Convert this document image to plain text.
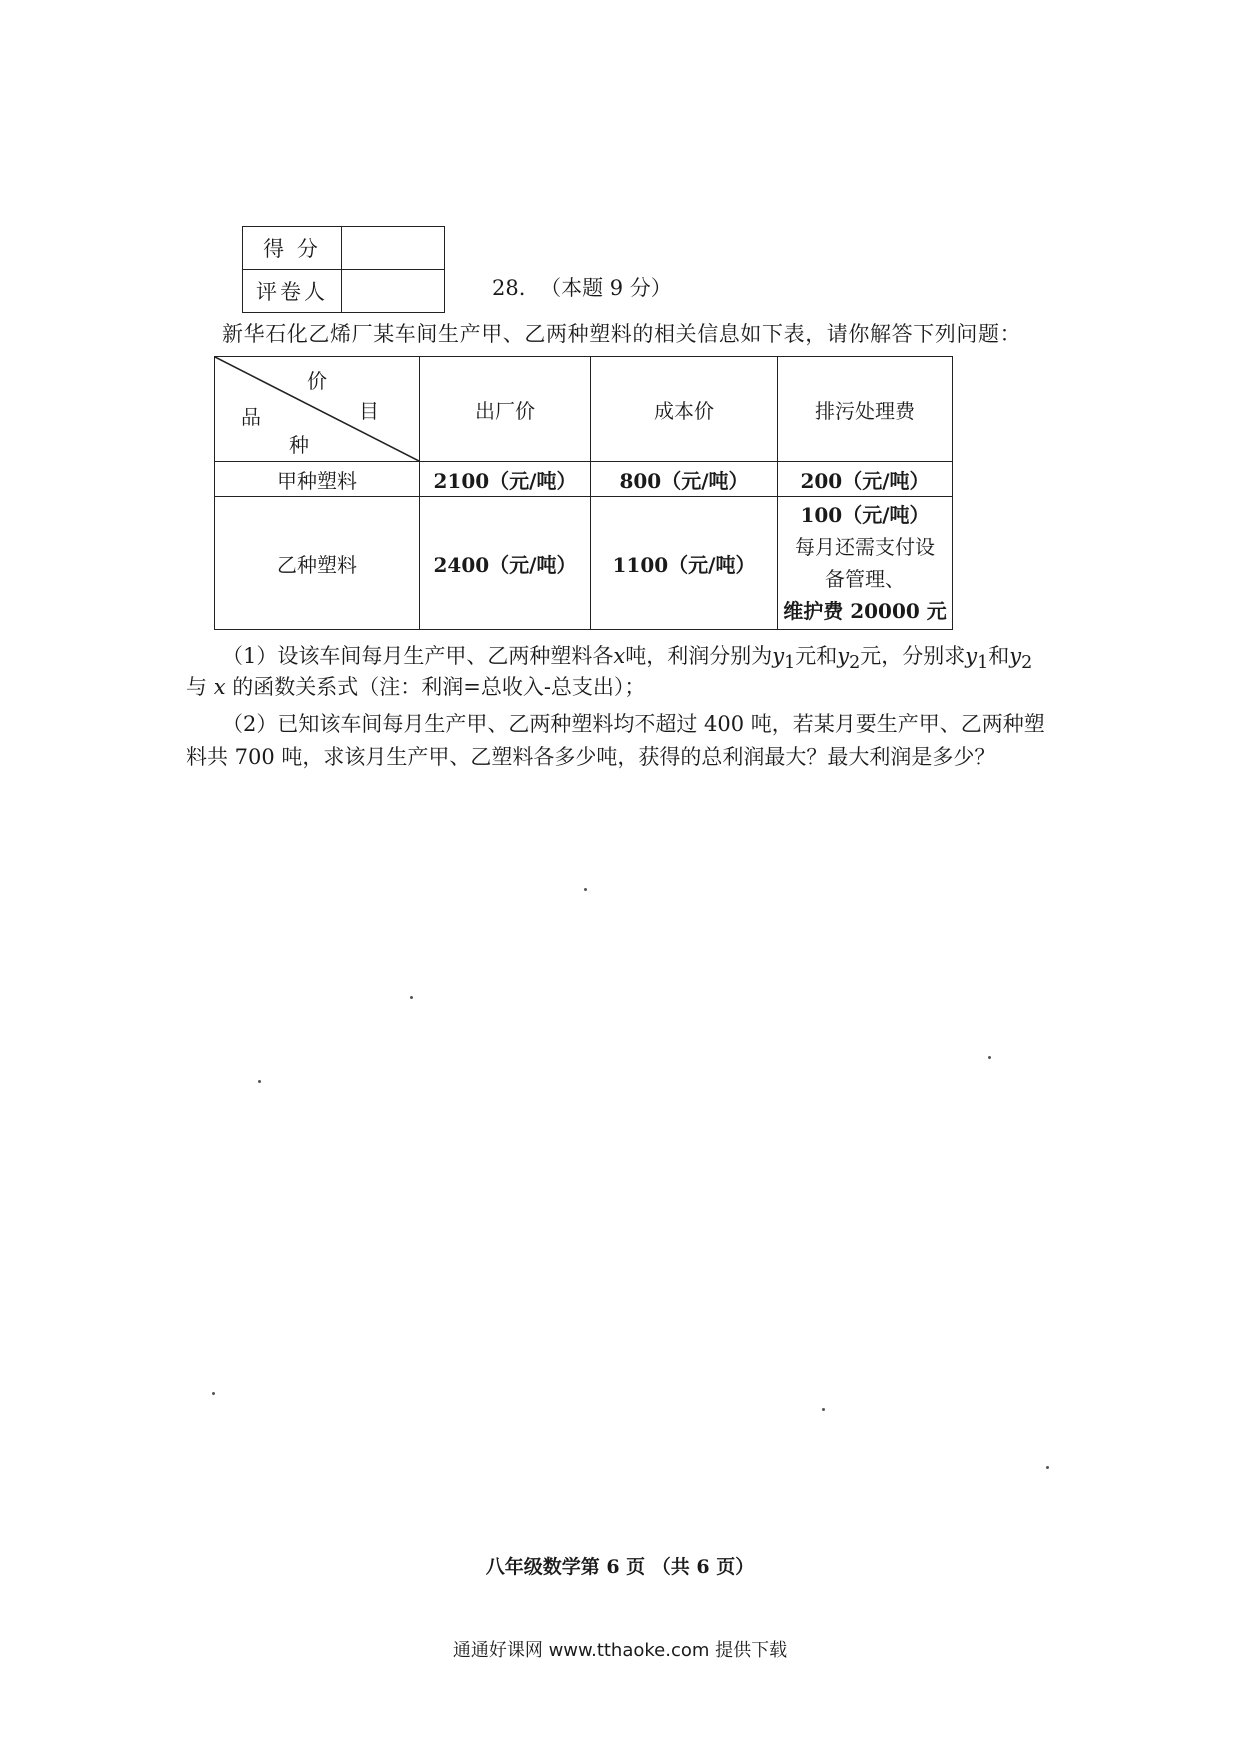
得 分	
评卷人		28. （本题 9 分）
新华石化乙烯厂某车间生产甲、乙两种塑料的相关信息如下表，请你解答下列问题：
价
目
品
种	出厂价	成本价	排污处理费
甲种塑料	2100（元/吨）	800（元/吨）	200（元/吨）
乙种塑料	2400（元/吨）	1100（元/吨）	100（元/吨）
每月还需支付设
备管理、
维护费 20000 元
（1）设该车间每月生产甲、乙两种塑料各x吨，利润分别为$y_1$元和$y_2$元，分别求$y_1$和$y_2$
与 x 的函数关系式（注：利润=总收入-总支出）；
（2）已知该车间每月生产甲、乙两种塑料均不超过 400 吨，若某月要生产甲、乙两种塑
料共 700 吨，求该月生产甲、乙塑料各多少吨，获得的总利润最大？最大利润是多少？
八年级数学第 6 页 （共 6 页）
通通好课网 www.tthaoke.com 提供下载
